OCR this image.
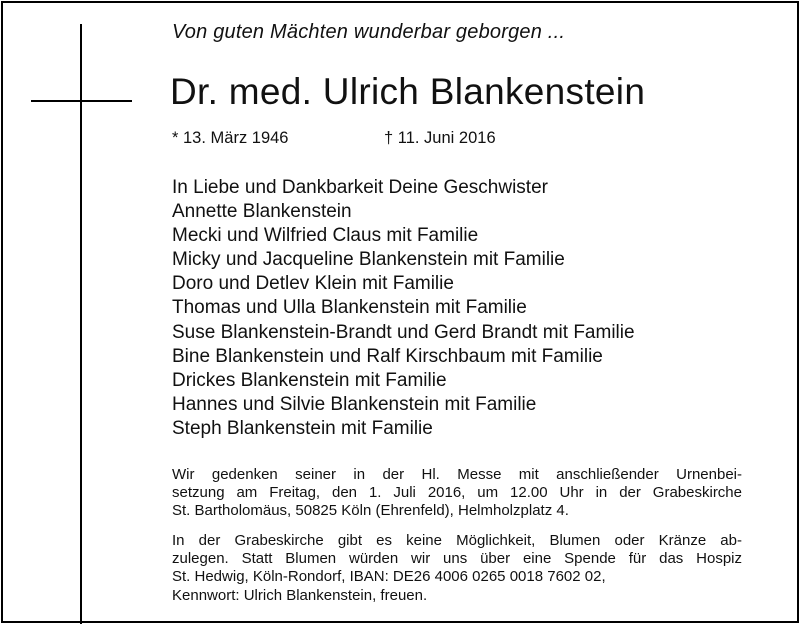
Von guten Mächten wunderbar geborgen ...
Dr. med. Ulrich Blankenstein
* 13. März 1946	† 11. Juni 2016
In Liebe und Dankbarkeit Deine Geschwister
Annette Blankenstein
Mecki und Wilfried Claus mit Familie
Micky und Jacqueline Blankenstein mit Familie
Doro und Detlev Klein mit Familie
Thomas und Ulla Blankenstein mit Familie
Suse Blankenstein-Brandt und Gerd Brandt mit Familie
Bine Blankenstein und Ralf Kirschbaum mit Familie
Drickes Blankenstein mit Familie
Hannes und Silvie Blankenstein mit Familie
Steph Blankenstein mit Familie
Wir gedenken seiner in der Hl. Messe mit anschließender Urnenbei-
setzung am Freitag, den 1. Juli 2016, um 12.00 Uhr in der Grabeskirche
St. Bartholomäus, 50825 Köln (Ehrenfeld), Helmholzplatz 4.
In der Grabeskirche gibt es keine Möglichkeit, Blumen oder Kränze ab-
zulegen. Statt Blumen würden wir uns über eine Spende für das Hospiz
St. Hedwig, Köln-Rondorf, IBAN: DE26 4006 0265 0018 7602 02,
Kennwort: Ulrich Blankenstein, freuen.
